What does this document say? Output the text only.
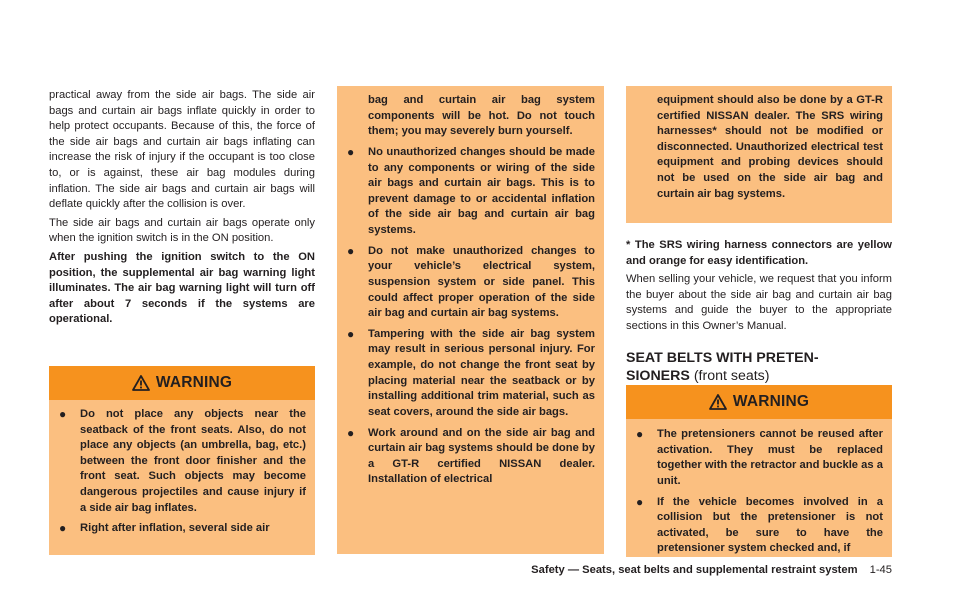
practical away from the side air bags. The side air bags and curtain air bags inflate quickly in order to help protect occupants. Because of this, the force of the side air bags and curtain air bags inflating can increase the risk of injury if the occupant is too close to, or is against, these air bag modules during inflation. The side air bags and curtain air bags will deflate quickly after the collision is over.

The side air bags and curtain air bags operate only when the ignition switch is in the ON position.

After pushing the ignition switch to the ON position, the supplemental air bag warning light illuminates. The air bag warning light will turn off after about 7 seconds if the systems are operational.

WARNING
● Do not place any objects near the seatback of the front seats. Also, do not place any objects (an umbrella, bag, etc.) between the front door finisher and the front seat. Such objects may become dangerous projectiles and cause injury if a side air bag inflates.
● Right after inflation, several side air

bag and curtain air bag system components will be hot. Do not touch them; you may severely burn yourself.

● No unauthorized changes should be made to any components or wiring of the side air bags and curtain air bags. This is to prevent damage to or accidental inflation of the side air bag and curtain air bag systems.
● Do not make unauthorized changes to your vehicle’s electrical system, suspension system or side panel. This could affect proper operation of the side air bag and curtain air bag systems.
● Tampering with the side air bag system may result in serious personal injury. For example, do not change the front seat by placing material near the seatback or by installing additional trim material, such as seat covers, around the side air bags.
● Work around and on the side air bag and curtain air bag systems should be done by a GT-R certified NISSAN dealer. Installation of electrical

equipment should also be done by a GT-R certified NISSAN dealer. The SRS wiring harnesses* should not be modified or disconnected. Unauthorized electrical test equipment and probing devices should not be used on the side air bag and curtain air bag systems.

* The SRS wiring harness connectors are yellow and orange for easy identification.

When selling your vehicle, we request that you inform the buyer about the side air bag and curtain air bag systems and guide the buyer to the appropriate sections in this Owner’s Manual.

SEAT BELTS WITH PRETEN-
SIONERS (front seats)
WARNING
● The pretensioners cannot be reused after activation. They must be replaced together with the retractor and buckle as a unit.
● If the vehicle becomes involved in a collision but the pretensioner is not activated, be sure to have the pretensioner system checked and, if
Safety — Seats, seat belts and supplemental restraint system 1-45
